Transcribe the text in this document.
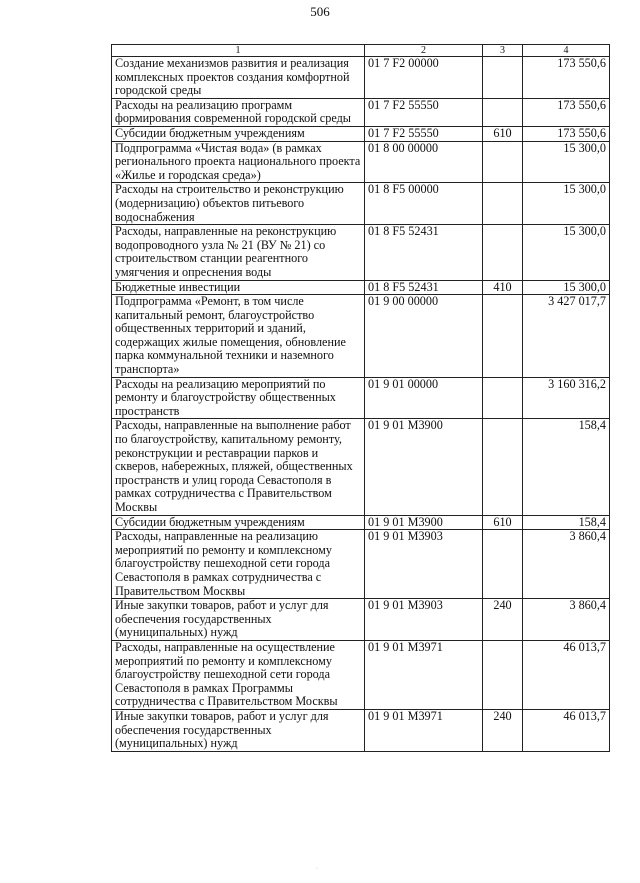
506
1	2	3	4
Создание механизмов развития и реализация комплексных проектов создания комфортной городской среды	01 7 F2 00000		173 550,6
Расходы на реализацию программ формирования современной городской среды	01 7 F2 55550		173 550,6
Субсидии бюджетным учреждениям	01 7 F2 55550	610	173 550,6
Подпрограмма «Чистая вода» (в рамках регионального проекта национального проекта «Жилье и городская среда»)	01 8 00 00000		15 300,0
Расходы на строительство и реконструкцию (модернизацию) объектов питьевого водоснабжения	01 8 F5 00000		15 300,0
Расходы, направленные на реконструкцию водопроводного узла № 21 (ВУ № 21) со строительством станции реагентного умягчения и опреснения воды	01 8 F5 52431		15 300,0
Бюджетные инвестиции	01 8 F5 52431	410	15 300,0
Подпрограмма «Ремонт, в том числе капитальный ремонт, благоустройство общественных территорий и зданий, содержащих жилые помещения, обновление парка коммунальной техники и наземного транспорта»	01 9 00 00000		3 427 017,7
Расходы на реализацию мероприятий по ремонту и благоустройству общественных пространств	01 9 01 00000		3 160 316,2
Расходы, направленные на выполнение работ по благоустройству, капитальному ремонту, реконструкции и реставрации парков и скверов, набережных, пляжей, общественных пространств и улиц города Севастополя в рамках сотрудничества с Правительством Москвы	01 9 01 M3900		158,4
Субсидии бюджетным учреждениям	01 9 01 M3900	610	158,4
Расходы, направленные на реализацию мероприятий по ремонту и комплексному благоустройству пешеходной сети города Севастополя в рамках сотрудничества с Правительством Москвы	01 9 01 M3903		3 860,4
Иные закупки товаров, работ и услуг для обеспечения государственных (муниципальных) нужд	01 9 01 M3903	240	3 860,4
Расходы, направленные на осуществление мероприятий по ремонту и комплексному благоустройству пешеходной сети города Севастополя в рамках Программы сотрудничества с Правительством Москвы	01 9 01 M3971		46 013,7
Иные закупки товаров, работ и услуг для обеспечения государственных (муниципальных) нужд	01 9 01 M3971	240	46 013,7
·
